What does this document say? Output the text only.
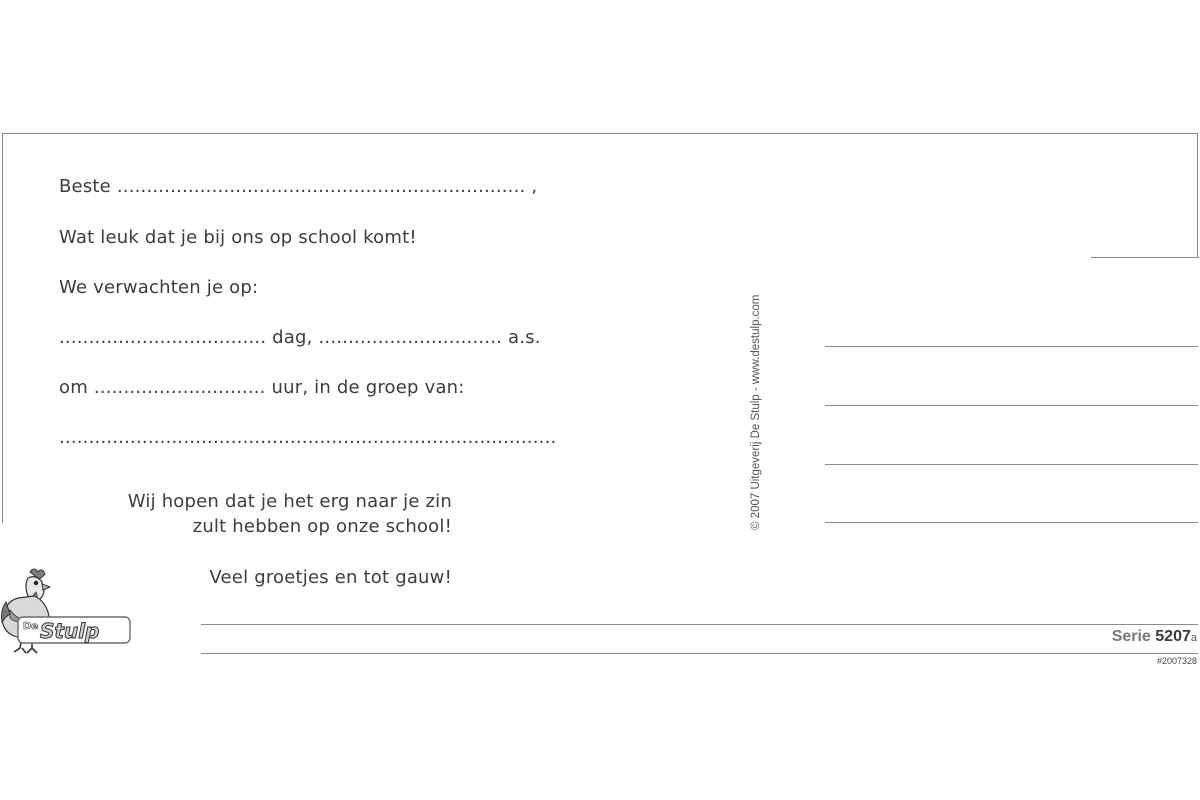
Beste ..................................................................... ,
Wat leuk dat je bij ons op school komt!
We verwachten je op:
................................... dag, ............................... a.s.
om ............................. uur, in de groep van:
....................................................................................
Wij hopen dat je het erg naar je zin
zult hebben op onze school!
Veel groetjes en tot gauw!
© 2007 Uitgeverij De Stulp - www.destulp.com
Serie 5207a
#2007328
De Stulp
